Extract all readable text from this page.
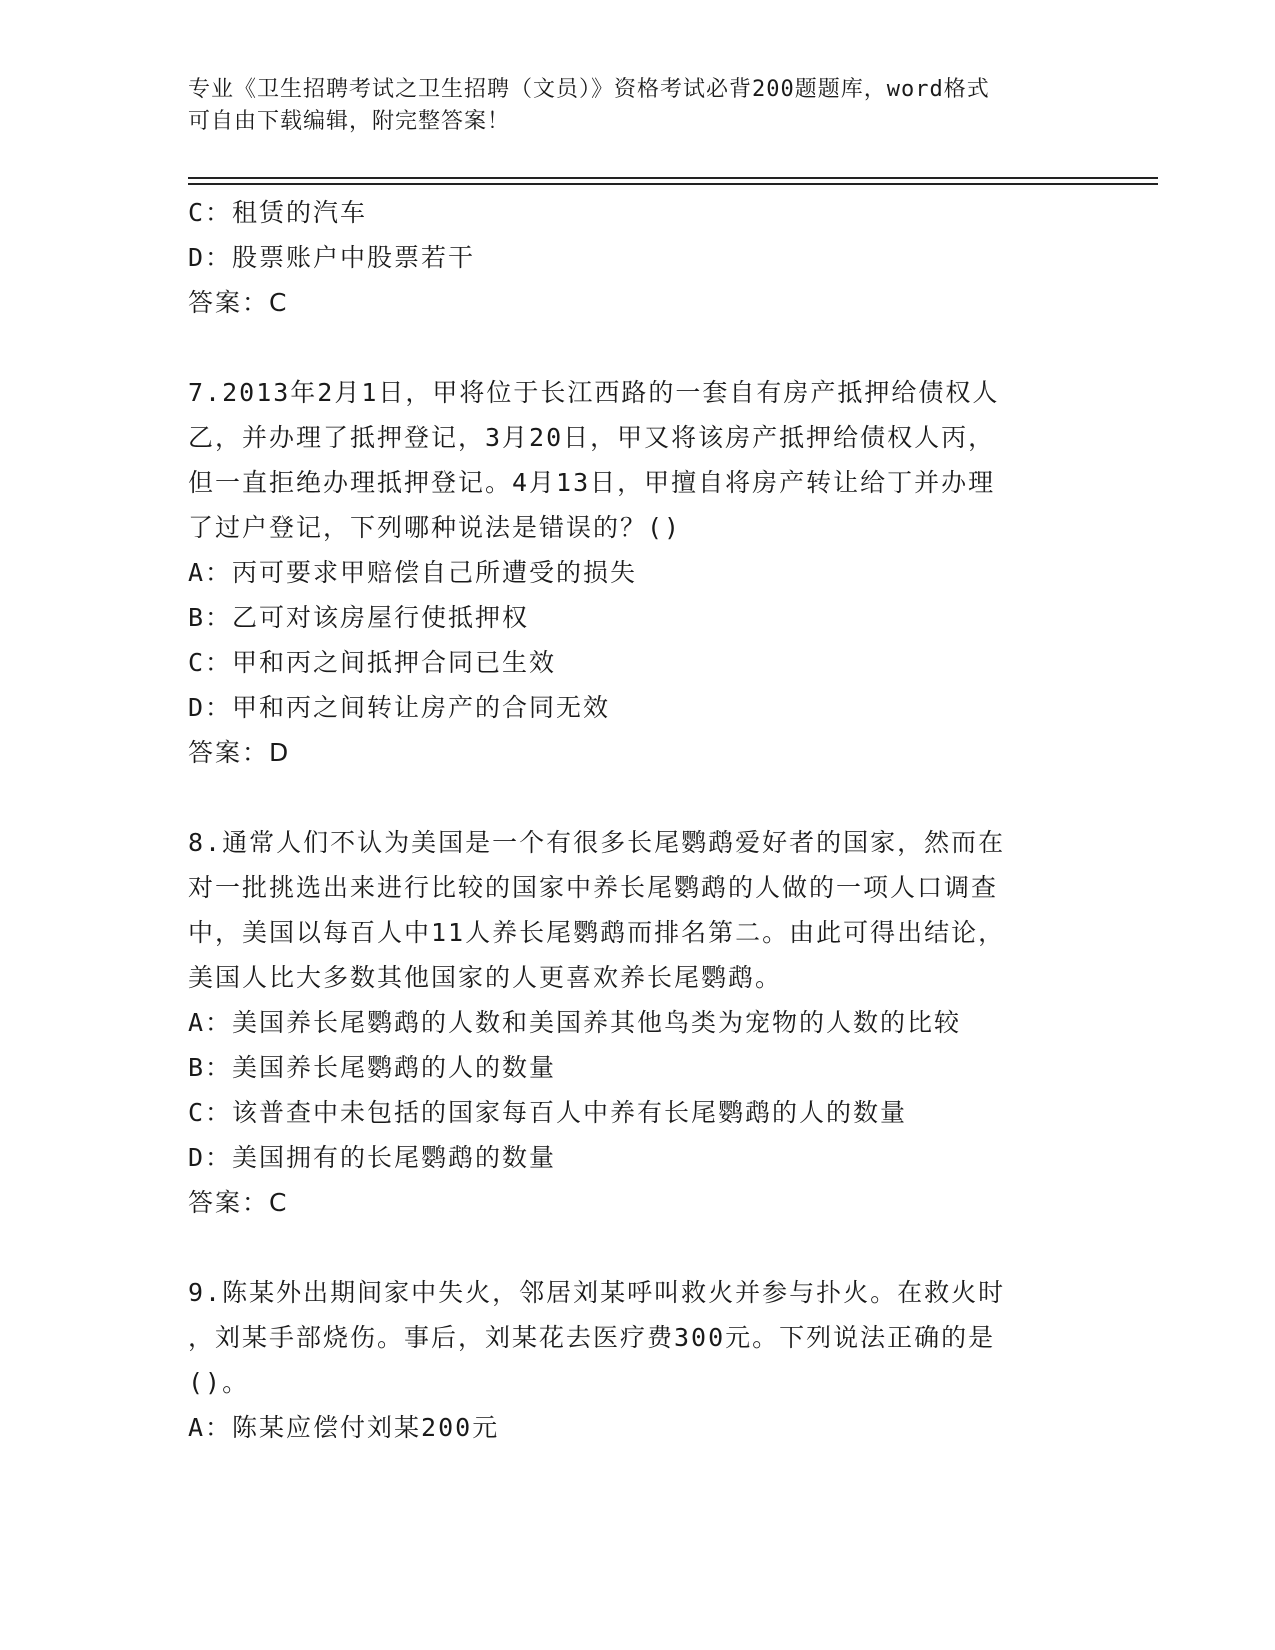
专业《卫生招聘考试之卫生招聘（文员）》资格考试必背200题题库，word格式
可自由下载编辑，附完整答案！
C：租赁的汽车
D：股票账户中股票若干
答案：C
7.2013年2月1日，甲将位于长江西路的一套自有房产抵押给债权人
乙，并办理了抵押登记，3月20日，甲又将该房产抵押给债权人丙，
但一直拒绝办理抵押登记。4月13日，甲擅自将房产转让给丁并办理
了过户登记，下列哪种说法是错误的？()
A：丙可要求甲赔偿自己所遭受的损失
B：乙可对该房屋行使抵押权
C：甲和丙之间抵押合同已生效
D：甲和丙之间转让房产的合同无效
答案：D
8.通常人们不认为美国是一个有很多长尾鹦鹉爱好者的国家，然而在
对一批挑选出来进行比较的国家中养长尾鹦鹉的人做的一项人口调查
中，美国以每百人中11人养长尾鹦鹉而排名第二。由此可得出结论，
美国人比大多数其他国家的人更喜欢养长尾鹦鹉。
A：美国养长尾鹦鹉的人数和美国养其他鸟类为宠物的人数的比较
B：美国养长尾鹦鹉的人的数量
C：该普查中未包括的国家每百人中养有长尾鹦鹉的人的数量
D：美国拥有的长尾鹦鹉的数量
答案：C
9.陈某外出期间家中失火，邻居刘某呼叫救火并参与扑火。在救火时
，刘某手部烧伤。事后，刘某花去医疗费300元。下列说法正确的是
()。
A：陈某应偿付刘某200元
